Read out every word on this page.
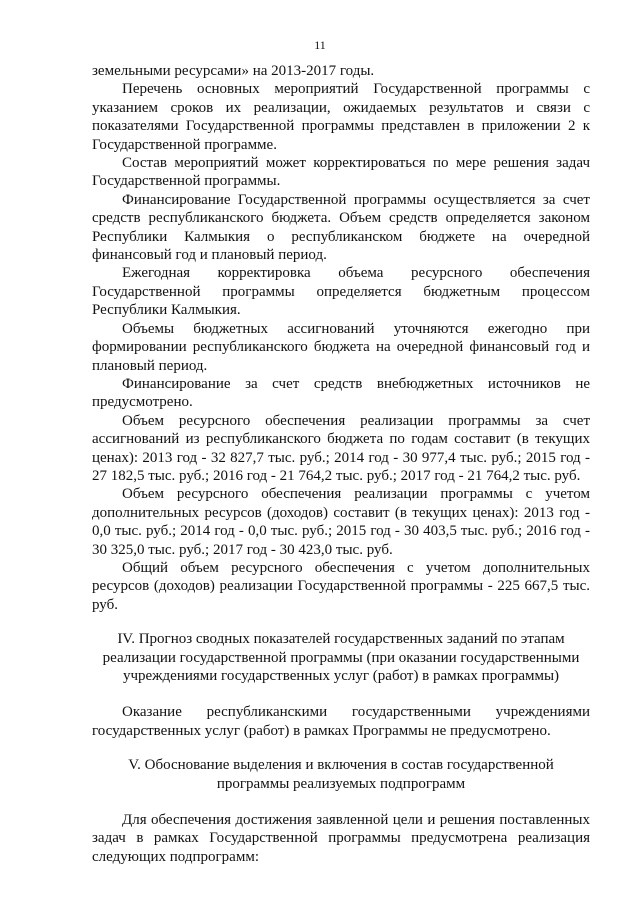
11

земельными ресурсами» на 2013-2017 годы.

Перечень основных мероприятий Государственной программы с указанием сроков их реализации, ожидаемых результатов и связи с показателями Государственной программы представлен в приложении 2 к Государственной программе.

Состав мероприятий может корректироваться по мере решения задач Государственной программы.

Финансирование Государственной программы осуществляется за счет средств республиканского бюджета. Объем средств определяется законом Республики Калмыкия о республиканском бюджете на очередной финансовый год и плановый период.

Ежегодная корректировка объема ресурсного обеспечения Государственной программы определяется бюджетным процессом Республики Калмыкия.

Объемы бюджетных ассигнований уточняются ежегодно при формировании республиканского бюджета на очередной финансовый год и плановый период.

Финансирование за счет средств внебюджетных источников не предусмотрено.

Объем ресурсного обеспечения реализации программы за счет ассигнований из республиканского бюджета по годам составит (в текущих ценах): 2013 год - 32 827,7 тыс. руб.; 2014 год - 30 977,4 тыс. руб.; 2015 год - 27 182,5 тыс. руб.; 2016 год - 21 764,2 тыс. руб.; 2017 год - 21 764,2 тыс. руб.

Объем ресурсного обеспечения реализации программы с учетом дополнительных ресурсов (доходов) составит (в текущих ценах): 2013 год - 0,0 тыс. руб.; 2014 год - 0,0 тыс. руб.; 2015 год - 30 403,5 тыс. руб.; 2016 год - 30 325,0 тыс. руб.; 2017 год - 30 423,0 тыс. руб.

Общий объем ресурсного обеспечения с учетом дополнительных ресурсов (доходов) реализации Государственной программы - 225 667,5 тыс. руб.

IV. Прогноз сводных показателей государственных заданий по этапам реализации государственной программы (при оказании государственными учреждениями государственных услуг (работ) в рамках программы)

Оказание республиканскими государственными учреждениями государственных услуг (работ) в рамках Программы не предусмотрено.

V. Обоснование выделения и включения в состав государственной программы реализуемых подпрограмм

Для обеспечения достижения заявленной цели и решения поставленных задач в рамках Государственной программы предусмотрена реализация следующих подпрограмм:
